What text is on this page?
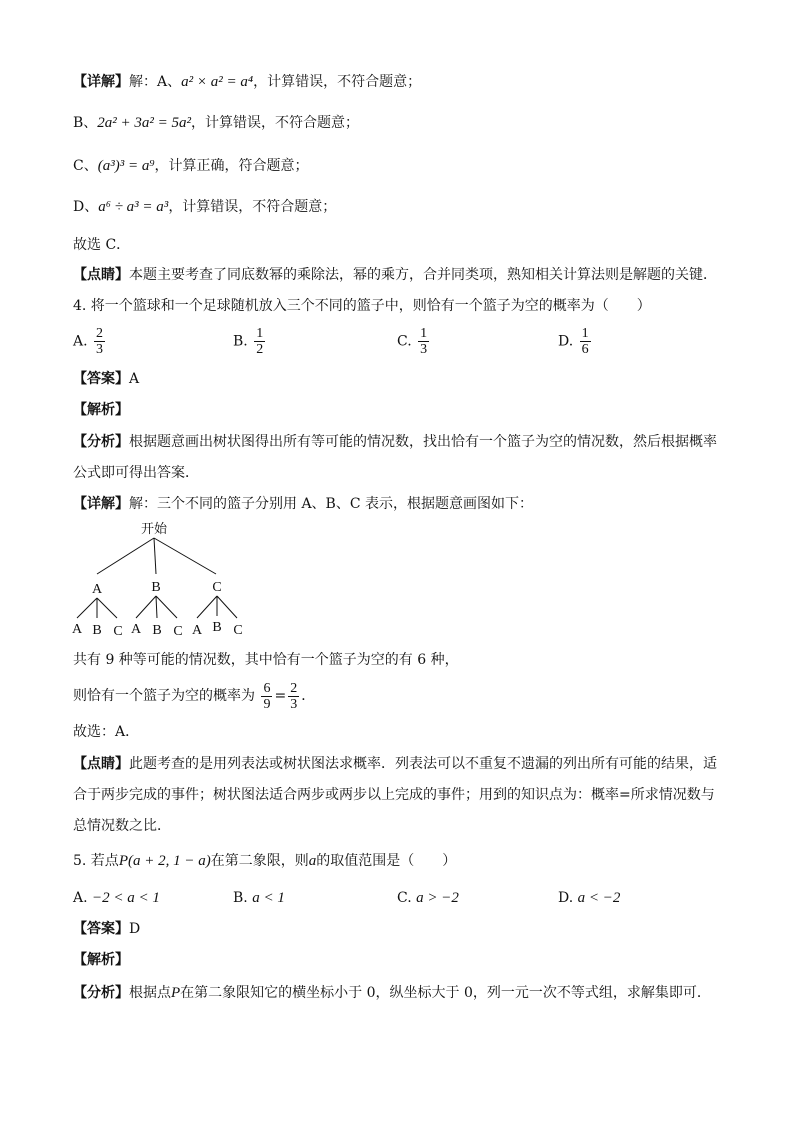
【详解】解：A、a² × a² = a⁴，计算错误，不符合题意；
B、2a² + 3a² = 5a²，计算错误，不符合题意；
C、(a³)³ = a⁹，计算正确，符合题意；
D、a⁶ ÷ a³ = a³，计算错误，不符合题意；
故选 C．
【点睛】本题主要考查了同底数幂的乘除法，幂的乘方，合并同类项，熟知相关计算法则是解题的关键．
4. 将一个篮球和一个足球随机放入三个不同的篮子中，则恰有一个篮子为空的概率为（　　）
A. $\frac{2}{3}$	B. $\frac{1}{2}$	C. $\frac{1}{3}$	D. $\frac{1}{6}$
【答案】A
【解析】
【分析】根据题意画出树状图得出所有等可能的情况数，找出恰有一个篮子为空的情况数，然后根据概率
公式即可得出答案．
【详解】解：三个不同的篮子分别用 A、B、C 表示，根据题意画图如下：
开始
A	B	C
A B C A B C A B C
共有 9 种等可能的情况数，其中恰有一个篮子为空的有 6 种，
则恰有一个篮子为空的概率为 $\frac{6}{9} = \frac{2}{3}$ ．
故选：A．
【点睛】此题考查的是用列表法或树状图法求概率．列表法可以不重复不遗漏的列出所有可能的结果，适
合于两步完成的事件；树状图法适合两步或两步以上完成的事件；用到的知识点为：概率=所求情况数与
总情况数之比．
5. 若点P(a + 2, 1 − a)在第二象限，则a的取值范围是（　　）
A. −2 < a < 1	B. a < 1	C. a > −2	D. a < −2
【答案】D
【解析】
【分析】根据点P在第二象限知它的横坐标小于 0，纵坐标大于 0，列一元一次不等式组，求解集即可．
